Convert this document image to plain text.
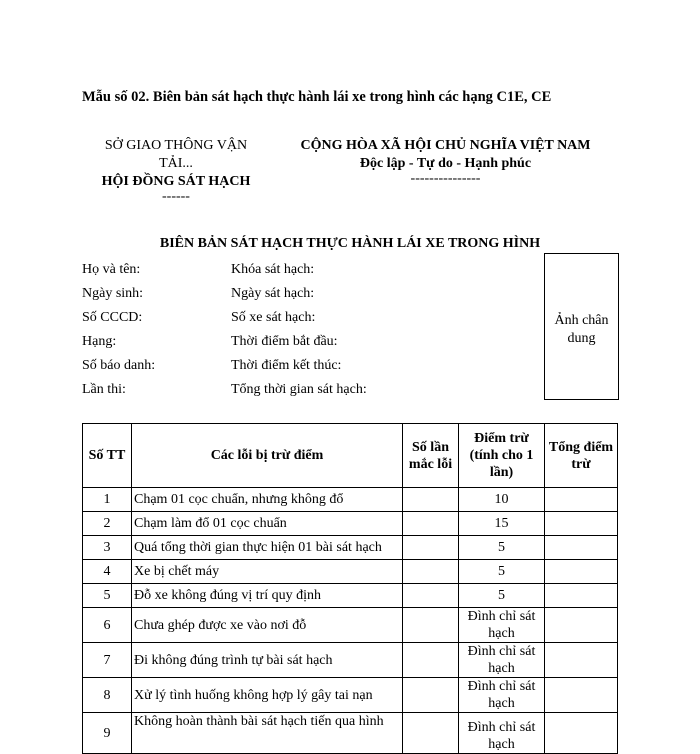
Mẫu số 02. Biên bản sát hạch thực hành lái xe trong hình các hạng C1E, CE
SỞ GIAO THÔNG VẬN
TẢI...
HỘI ĐỒNG SÁT HẠCH
------
CỘNG HÒA XÃ HỘI CHỦ NGHĨA VIỆT NAM
Độc lập - Tự do - Hạnh phúc
---------------
BIÊN BẢN SÁT HẠCH THỰC HÀNH LÁI XE TRONG HÌNH
Họ và tên:
Ngày sinh:
Số CCCD:
Hạng:
Số báo danh:
Lần thi:
Khóa sát hạch:
Ngày sát hạch:
Số xe sát hạch:
Thời điểm bắt đầu:
Thời điểm kết thúc:
Tổng thời gian sát hạch:
Ảnh chân dung
Số TT	Các lỗi bị trừ điểm	Số lần mắc lỗi	Điểm trừ (tính cho 1 lần)	Tổng điểm trừ
1	Chạm 01 cọc chuẩn, nhưng không đổ		10	
2	Chạm làm đổ 01 cọc chuẩn		15	
3	Quá tổng thời gian thực hiện 01 bài sát hạch		5	
4	Xe bị chết máy		5	
5	Đỗ xe không đúng vị trí quy định		5	
6	Chưa ghép được xe vào nơi đỗ		Đình chỉ sát hạch	
7	Đi không đúng trình tự bài sát hạch		Đình chỉ sát hạch	
8	Xử lý tình huống không hợp lý gây tai nạn		Đình chỉ sát hạch	
9	Không hoàn thành bài sát hạch tiến qua hình		Đình chỉ sát hạch	
